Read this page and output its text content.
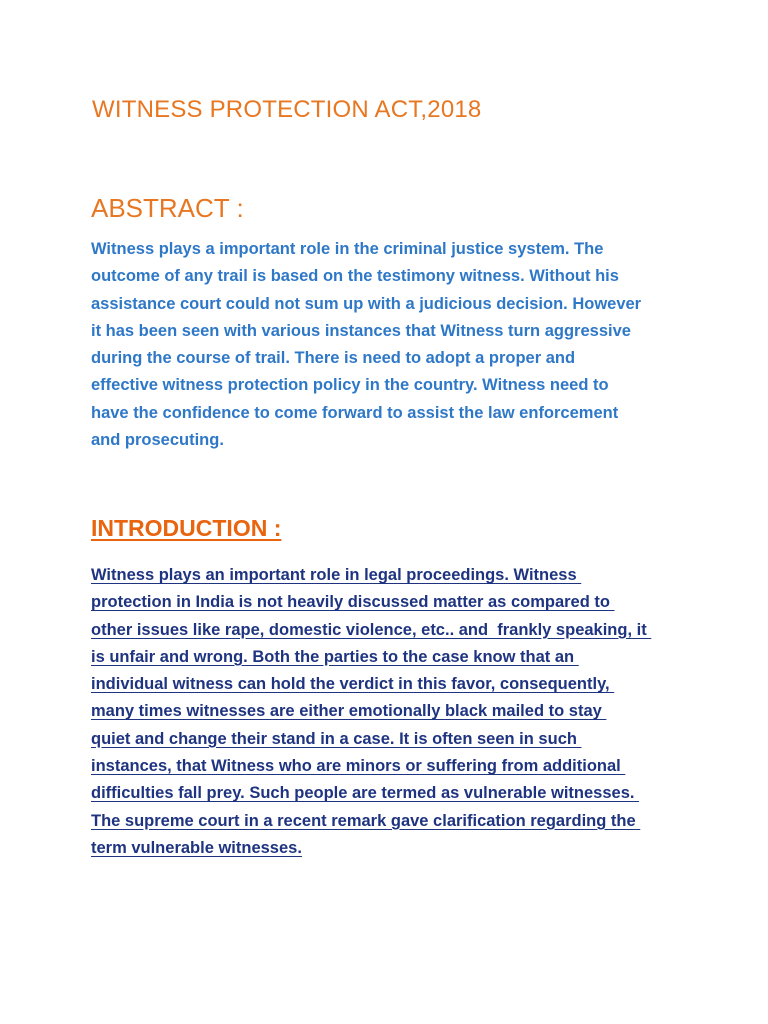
WITNESS PROTECTION ACT,2018
ABSTRACT :

Witness plays a important role in the criminal justice system. The
outcome of any trail is based on the testimony witness. Without his
assistance court could not sum up with a judicious decision. However
it has been seen with various instances that Witness turn aggressive
during the course of trail. There is need to adopt a proper and
effective witness protection policy in the country. Witness need to
have the confidence to come forward to assist the law enforcement
and prosecuting.

INTRODUCTION :

Witness plays an important role in legal proceedings. Witness
protection in India is not heavily discussed matter as compared to
other issues like rape, domestic violence, etc.. and  frankly speaking, it
is unfair and wrong. Both the parties to the case know that an
individual witness can hold the verdict in this favor, consequently,
many times witnesses are either emotionally black mailed to stay
quiet and change their stand in a case. It is often seen in such
instances, that Witness who are minors or suffering from additional
difficulties fall prey. Such people are termed as vulnerable witnesses.
The supreme court in a recent remark gave clarification regarding the
term vulnerable witnesses.
